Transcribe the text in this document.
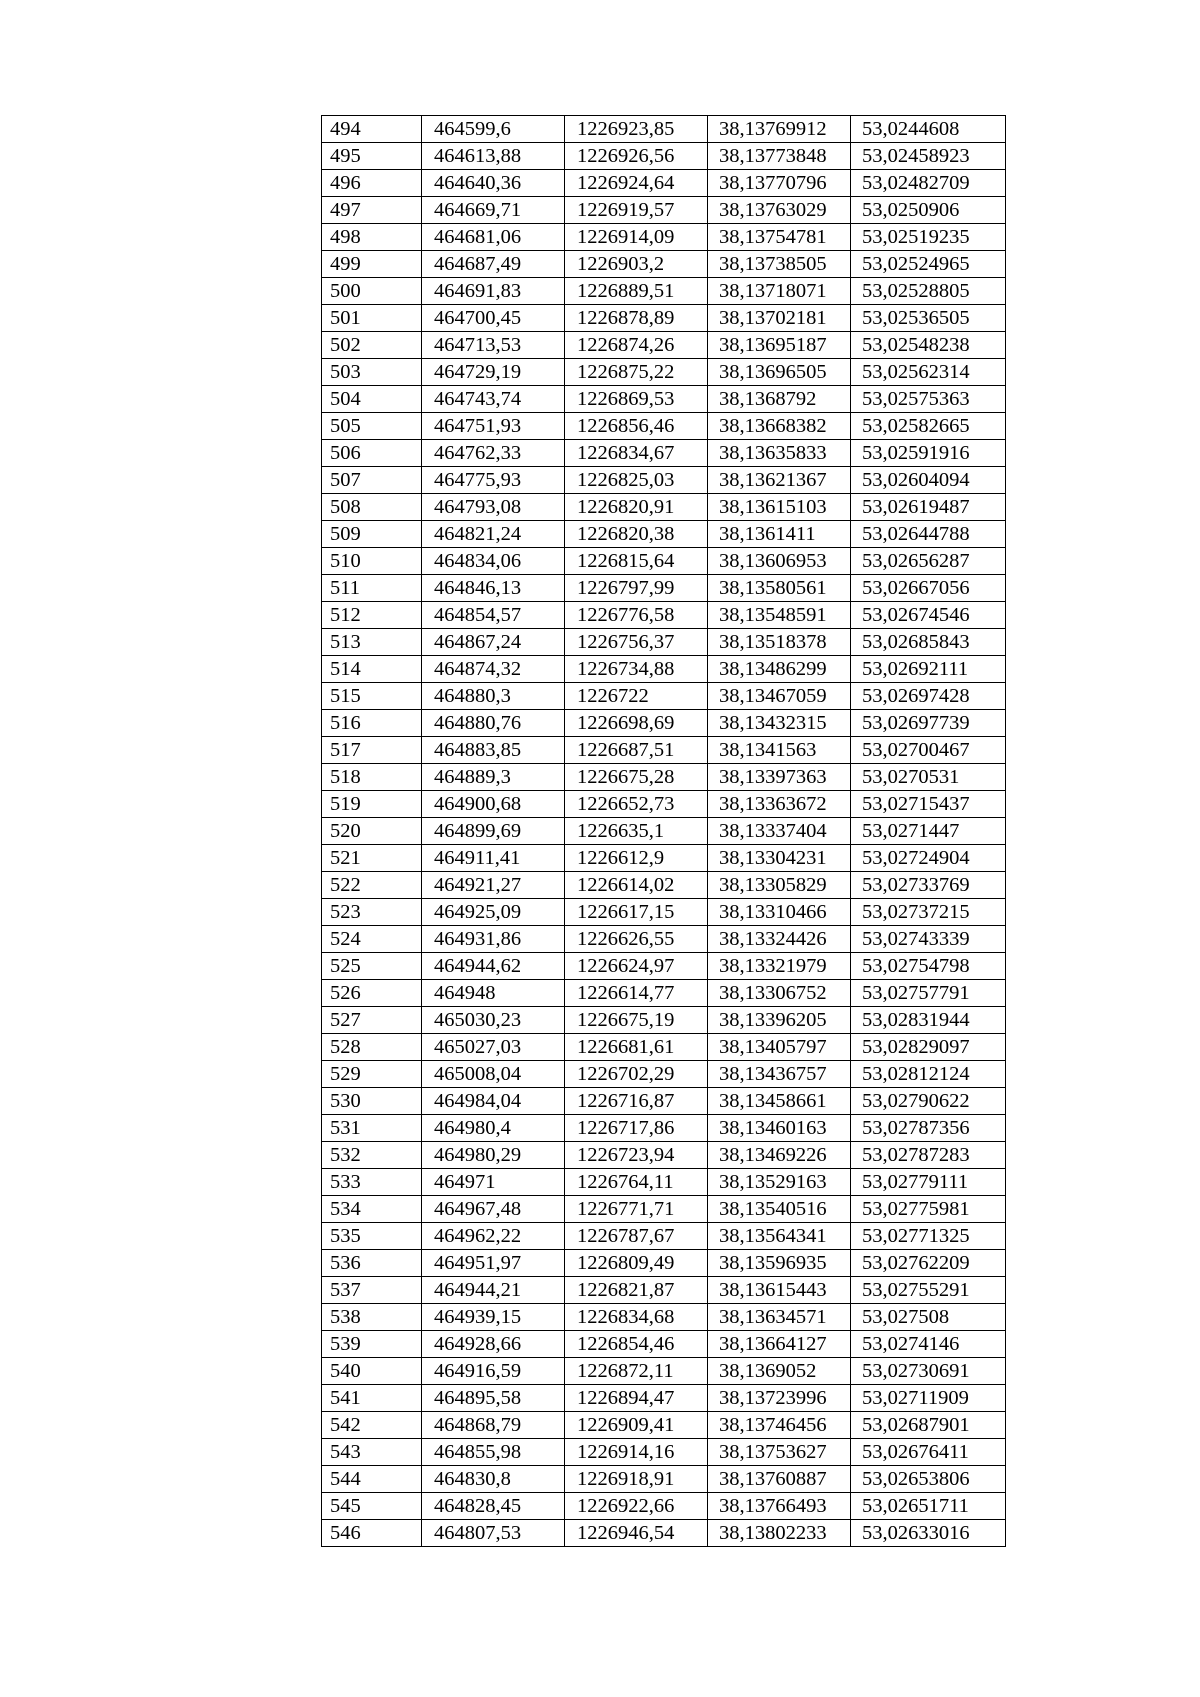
494	464599,6	1226923,85	38,13769912	53,0244608
495	464613,88	1226926,56	38,13773848	53,02458923
496	464640,36	1226924,64	38,13770796	53,02482709
497	464669,71	1226919,57	38,13763029	53,0250906
498	464681,06	1226914,09	38,13754781	53,02519235
499	464687,49	1226903,2	38,13738505	53,02524965
500	464691,83	1226889,51	38,13718071	53,02528805
501	464700,45	1226878,89	38,13702181	53,02536505
502	464713,53	1226874,26	38,13695187	53,02548238
503	464729,19	1226875,22	38,13696505	53,02562314
504	464743,74	1226869,53	38,1368792	53,02575363
505	464751,93	1226856,46	38,13668382	53,02582665
506	464762,33	1226834,67	38,13635833	53,02591916
507	464775,93	1226825,03	38,13621367	53,02604094
508	464793,08	1226820,91	38,13615103	53,02619487
509	464821,24	1226820,38	38,1361411	53,02644788
510	464834,06	1226815,64	38,13606953	53,02656287
511	464846,13	1226797,99	38,13580561	53,02667056
512	464854,57	1226776,58	38,13548591	53,02674546
513	464867,24	1226756,37	38,13518378	53,02685843
514	464874,32	1226734,88	38,13486299	53,02692111
515	464880,3	1226722	38,13467059	53,02697428
516	464880,76	1226698,69	38,13432315	53,02697739
517	464883,85	1226687,51	38,1341563	53,02700467
518	464889,3	1226675,28	38,13397363	53,0270531
519	464900,68	1226652,73	38,13363672	53,02715437
520	464899,69	1226635,1	38,13337404	53,0271447
521	464911,41	1226612,9	38,13304231	53,02724904
522	464921,27	1226614,02	38,13305829	53,02733769
523	464925,09	1226617,15	38,13310466	53,02737215
524	464931,86	1226626,55	38,13324426	53,02743339
525	464944,62	1226624,97	38,13321979	53,02754798
526	464948	1226614,77	38,13306752	53,02757791
527	465030,23	1226675,19	38,13396205	53,02831944
528	465027,03	1226681,61	38,13405797	53,02829097
529	465008,04	1226702,29	38,13436757	53,02812124
530	464984,04	1226716,87	38,13458661	53,02790622
531	464980,4	1226717,86	38,13460163	53,02787356
532	464980,29	1226723,94	38,13469226	53,02787283
533	464971	1226764,11	38,13529163	53,02779111
534	464967,48	1226771,71	38,13540516	53,02775981
535	464962,22	1226787,67	38,13564341	53,02771325
536	464951,97	1226809,49	38,13596935	53,02762209
537	464944,21	1226821,87	38,13615443	53,02755291
538	464939,15	1226834,68	38,13634571	53,027508
539	464928,66	1226854,46	38,13664127	53,0274146
540	464916,59	1226872,11	38,1369052	53,02730691
541	464895,58	1226894,47	38,13723996	53,02711909
542	464868,79	1226909,41	38,13746456	53,02687901
543	464855,98	1226914,16	38,13753627	53,02676411
544	464830,8	1226918,91	38,13760887	53,02653806
545	464828,45	1226922,66	38,13766493	53,02651711
546	464807,53	1226946,54	38,13802233	53,02633016
